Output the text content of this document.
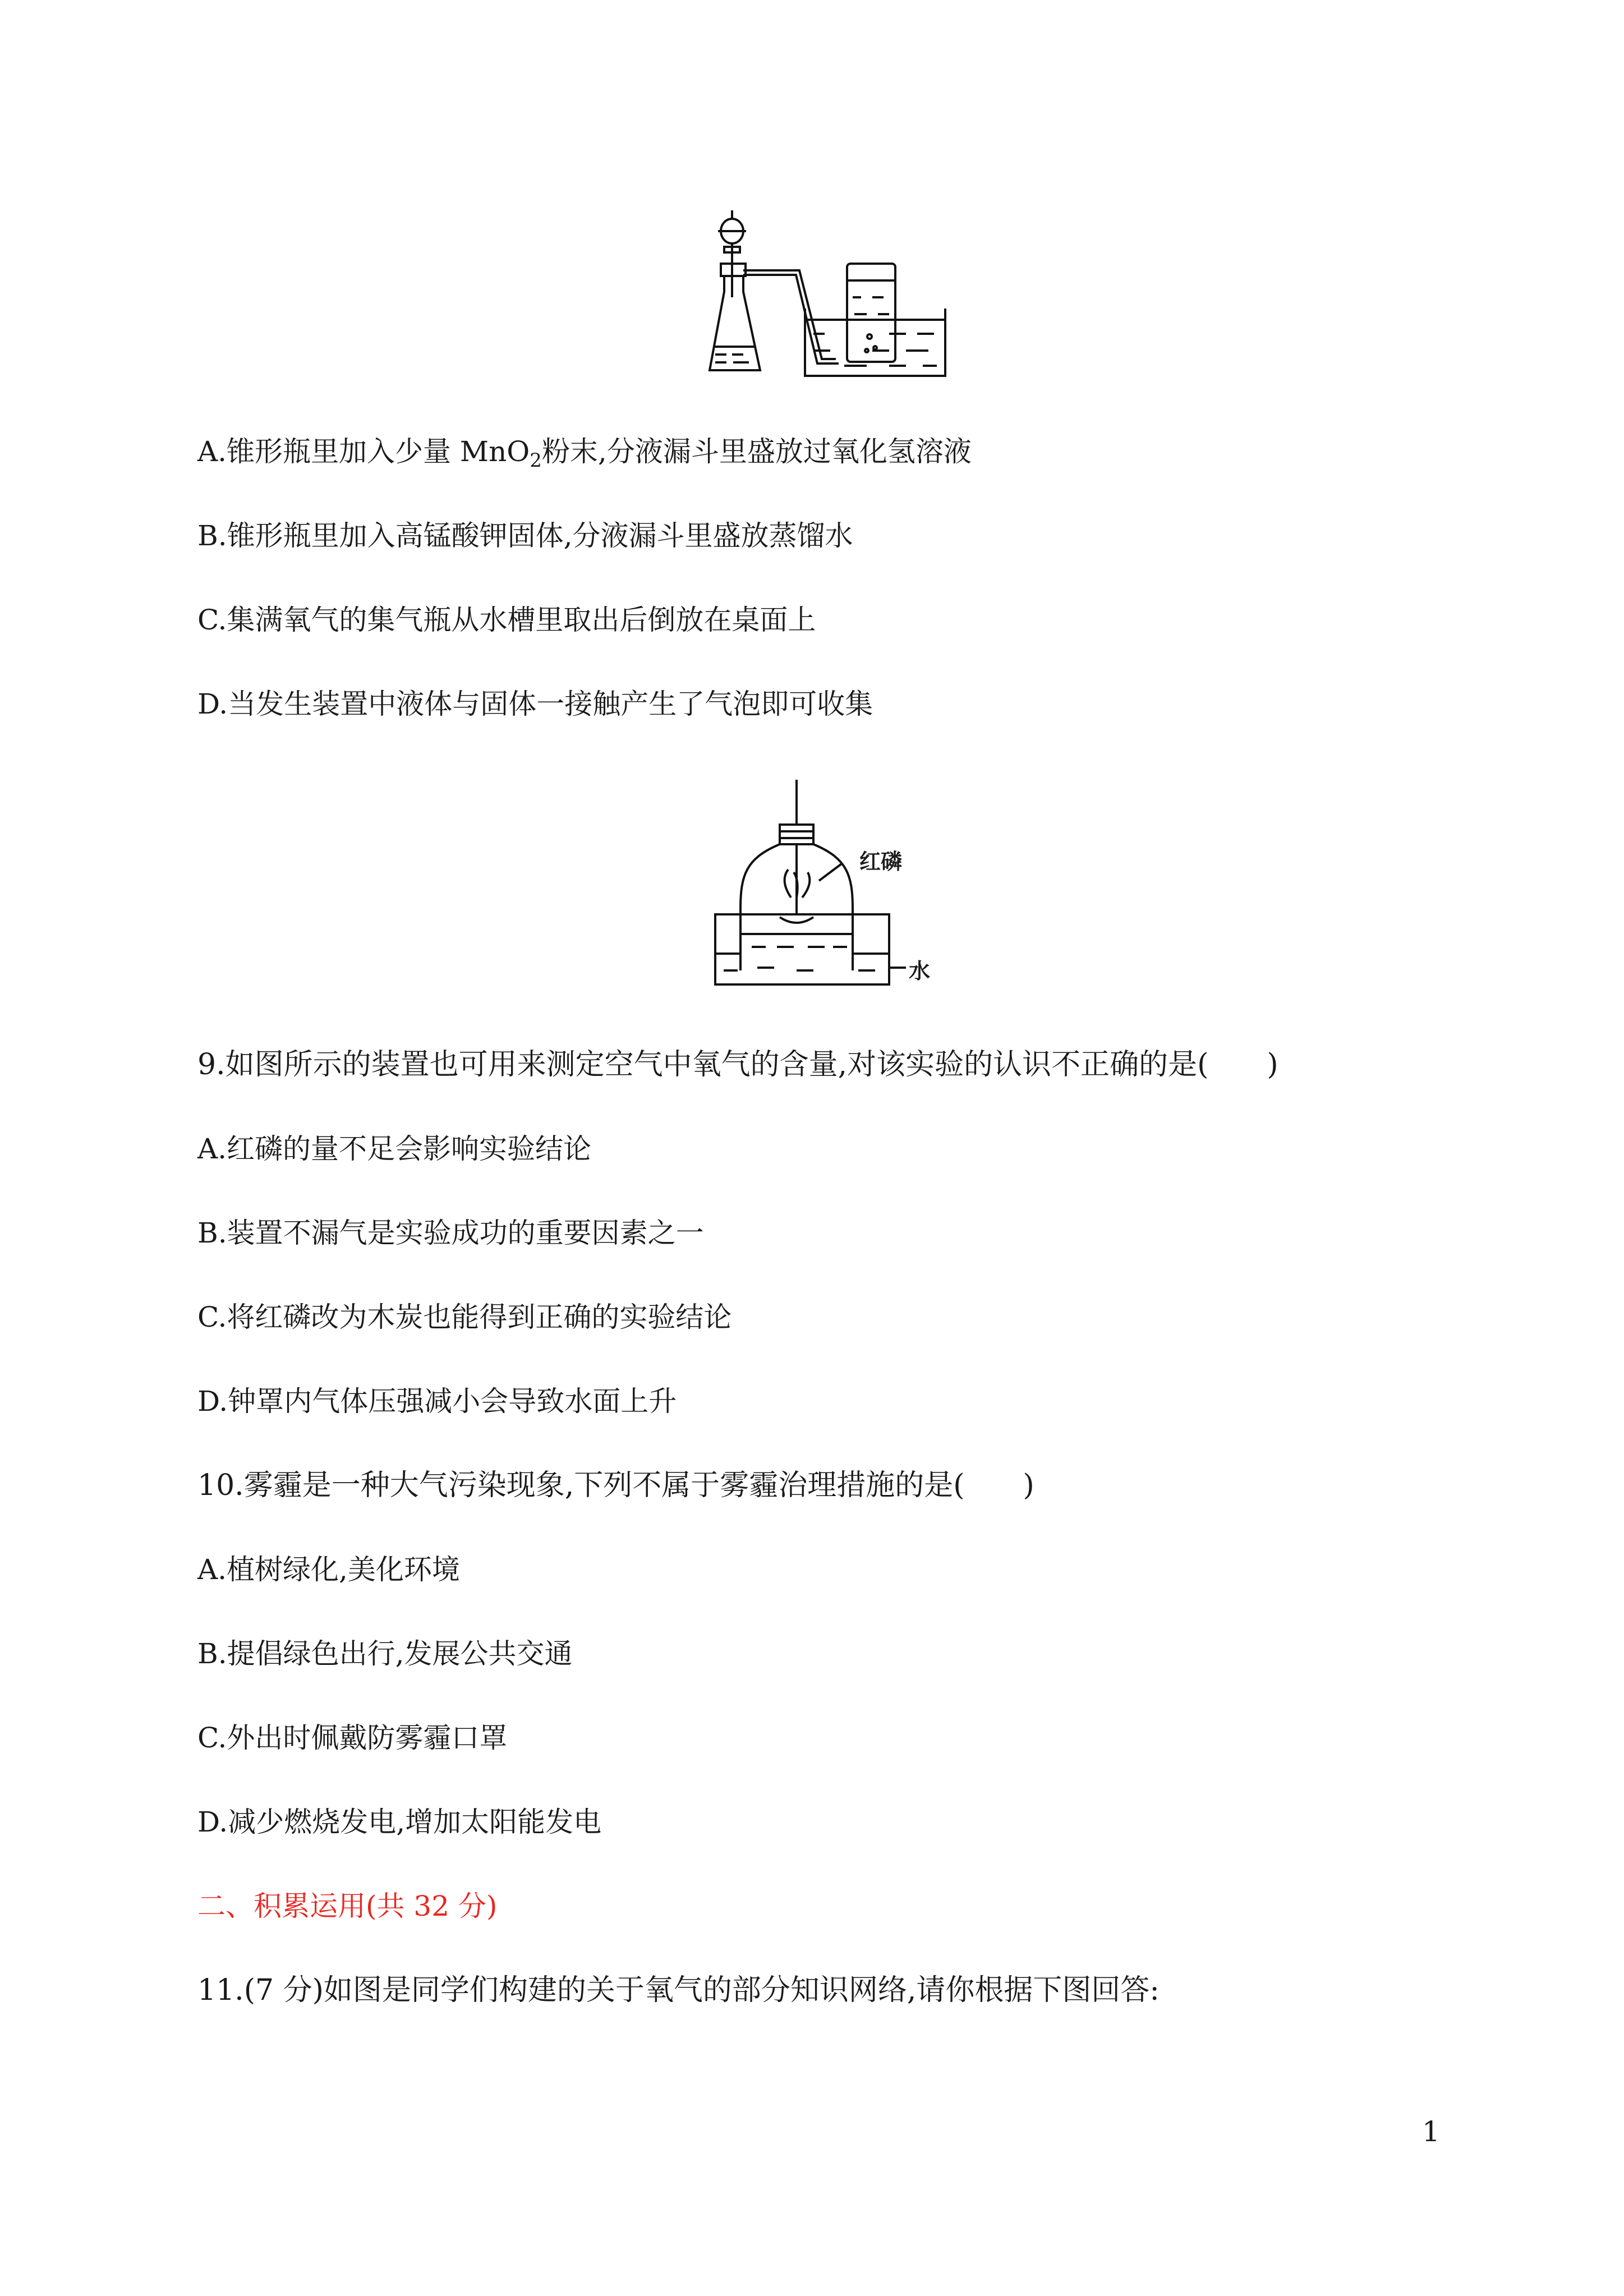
A.锥形瓶里加入少量 MnO$_2$粉末,分液漏斗里盛放过氧化氢溶液
B.锥形瓶里加入高锰酸钾固体,分液漏斗里盛放蒸馏水
C.集满氧气的集气瓶从水槽里取出后倒放在桌面上
D.当发生装置中液体与固体一接触产生了气泡即可收集
红磷
水
9.如图所示的装置也可用来测定空气中氧气的含量,对该实验的认识不正确的是(　　)
A.红磷的量不足会影响实验结论
B.装置不漏气是实验成功的重要因素之一
C.将红磷改为木炭也能得到正确的实验结论
D.钟罩内气体压强减小会导致水面上升
10.雾霾是一种大气污染现象,下列不属于雾霾治理措施的是(　　)
A.植树绿化,美化环境
B.提倡绿色出行,发展公共交通
C.外出时佩戴防雾霾口罩
D.减少燃烧发电,增加太阳能发电
二、积累运用(共 32 分)
11.(7 分)如图是同学们构建的关于氧气的部分知识网络,请你根据下图回答:
1
